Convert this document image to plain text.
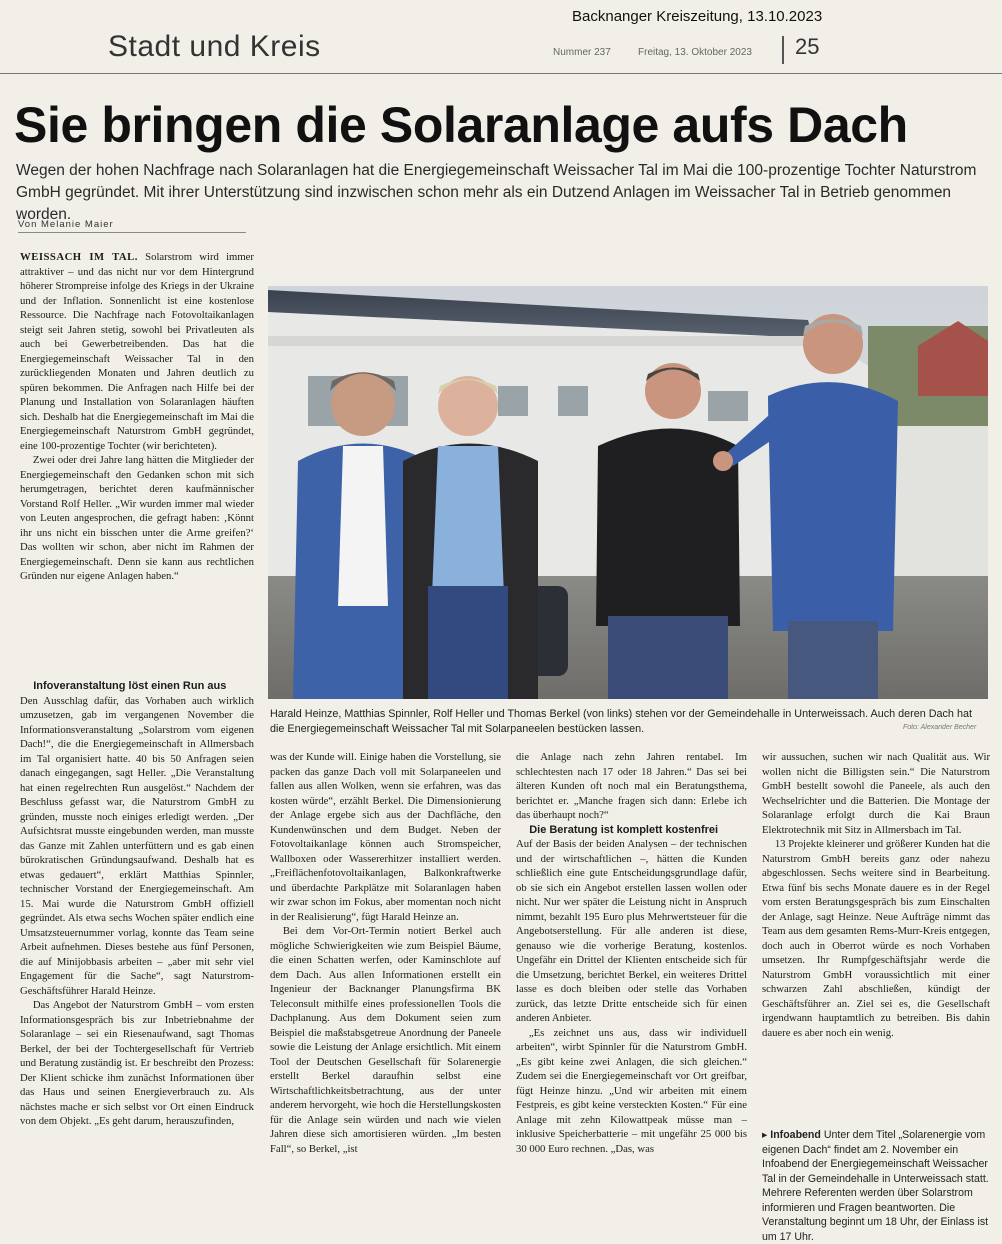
Backnanger Kreiszeitung, 13.10.2023
Stadt und Kreis	Nummer 237	Freitag, 13. Oktober 2023 25
Sie bringen die Solaranlage aufs Dach
Wegen der hohen Nachfrage nach Solaranlagen hat die Energiegemeinschaft Weissacher Tal im Mai die 100-prozentige Tochter Naturstrom GmbH gegründet. Mit ihrer Unterstützung sind inzwischen schon mehr als ein Dutzend Anlagen im Weissacher Tal in Betrieb genommen worden.
Von Melanie Maier

WEISSACH IM TAL. Solarstrom wird immer attraktiver – und das nicht nur vor dem Hintergrund höherer Strompreise infolge des Kriegs in der Ukraine und der Inflation. Sonnenlicht ist eine kostenlose Ressource. Die Nachfrage nach Fotovoltaikanlagen steigt seit Jahren stetig, sowohl bei Privatleuten als auch bei Gewerbetreibenden. Das hat die Energiegemeinschaft Weissacher Tal in den zurückliegenden Monaten und Jahren deutlich zu spüren bekommen. Die Anfragen nach Hilfe bei der Planung und Installation von Solaranlagen häuften sich. Deshalb hat die Energiegemeinschaft im Mai die Energiegemeinschaft Naturstrom GmbH gegründet, eine 100-prozentige Tochter (wir berichteten).

Zwei oder drei Jahre lang hätten die Mitglieder der Energiegemeinschaft den Gedanken schon mit sich herumgetragen, berichtet deren kaufmännischer Vorstand Rolf Heller. „Wir wurden immer mal wieder von Leuten angesprochen, die gefragt haben: ‚Könnt ihr uns nicht ein bisschen unter die Arme greifen?‘ Das wollten wir schon, aber nicht im Rahmen der Energiegemeinschaft. Denn sie kann aus rechtlichen Gründen nur eigene Anlagen haben.“

Harald Heinze, Matthias Spinnler, Rolf Heller und Thomas Berkel (von links) stehen vor der Gemeindehalle in Unterweissach. Auch deren Dach hat die Energiegemeinschaft Weissacher Tal mit Solarpaneelen bestücken lassen.	Foto: Alexander Becher

Infoveranstaltung löst einen Run aus

Den Ausschlag dafür, das Vorhaben auch wirklich umzusetzen, gab im vergangenen November die Informationsveranstaltung „Solarstrom vom eigenen Dach!“, die die Energiegemeinschaft in Allmersbach im Tal organisiert hatte. 40 bis 50 Anfragen seien danach eingegangen, sagt Heller. „Die Veranstaltung hat einen regelrechten Run ausgelöst.“ Nachdem der Beschluss gefasst war, die Naturstrom GmbH zu gründen, musste noch einiges erledigt werden. „Der Aufsichtsrat musste eingebunden werden, man musste das Ganze mit Zahlen unterfüttern und es gab einen bürokratischen Gründungsaufwand. Deshalb hat es etwas gedauert“, erklärt Matthias Spinnler, technischer Vorstand der Energiegemeinschaft. Am 15. Mai wurde die Naturstrom GmbH offiziell gegründet. Als etwa sechs Wochen später endlich eine Umsatzsteuernummer vorlag, konnte das Team seine Arbeit aufnehmen. Dieses bestehe aus fünf Personen, die auf Minijobbasis arbeiten – „aber mit sehr viel Engagement für die Sache“, sagt Naturstrom-Geschäftsführer Harald Heinze.

Das Angebot der Naturstrom GmbH – vom ersten Informationsgespräch bis zur Inbetriebnahme der Solaranlage – sei ein Riesenaufwand, sagt Thomas Berkel, der bei der Tochtergesellschaft für Vertrieb und Beratung zuständig ist. Er beschreibt den Prozess: Der Klient schicke ihm zunächst Informationen über das Haus und seinen Energieverbrauch zu. Als nächstes mache er sich selbst vor Ort einen Eindruck von dem Objekt. „Es geht darum, herauszufinden,

was der Kunde will. Einige haben die Vorstellung, sie packen das ganze Dach voll mit Solarpaneelen und fallen aus allen Wolken, wenn sie erfahren, was das kosten würde“, erzählt Berkel. Die Dimensionierung der Anlage ergebe sich aus der Dachfläche, den Kundenwünschen und dem Budget. Neben der Fotovoltaikanlage können auch Stromspeicher, Wallboxen oder Wassererhitzer installiert werden. „Freiflächenfotovoltaikanlagen, Balkonkraftwerke und überdachte Parkplätze mit Solaranlagen haben wir zwar schon im Fokus, aber momentan noch nicht in der Realisierung“, fügt Harald Heinze an.

Bei dem Vor-Ort-Termin notiert Berkel auch mögliche Schwierigkeiten wie zum Beispiel Bäume, die einen Schatten werfen, oder Kaminschlote auf dem Dach. Aus allen Informationen erstellt ein Ingenieur der Backnanger Planungsfirma BK Teleconsult mithilfe eines professionellen Tools die Dachplanung. Aus dem Dokument seien zum Beispiel die maßstabsgetreue Anordnung der Paneele sowie die Leistung der Anlage ersichtlich. Mit einem Tool der Deutschen Gesellschaft für Solarenergie erstellt Berkel daraufhin selbst eine Wirtschaftlichkeitsbetrachtung, aus der unter anderem hervorgeht, wie hoch die Herstellungskosten für die Anlage sein würden und nach wie vielen Jahren diese sich amortisieren würden. „Im besten Fall“, so Berkel, „ist

die Anlage nach zehn Jahren rentabel. Im schlechtesten nach 17 oder 18 Jahren.“ Das sei bei älteren Kunden oft noch mal ein Beratungsthema, berichtet er. „Manche fragen sich dann: Erlebe ich das überhaupt noch?“

Die Beratung ist komplett kostenfrei

Auf der Basis der beiden Analysen – der technischen und der wirtschaftlichen –, hätten die Kunden schließlich eine gute Entscheidungsgrundlage dafür, ob sie sich ein Angebot erstellen lassen wollen oder nicht. Nur wer später die Leistung nicht in Anspruch nimmt, bezahlt 195 Euro plus Mehrwertsteuer für die Angebotserstellung. Für alle anderen ist diese, genauso wie die vorherige Beratung, kostenlos. Ungefähr ein Drittel der Klienten entscheide sich für die Umsetzung, berichtet Berkel, ein weiteres Drittel lasse es doch bleiben oder stelle das Vorhaben zurück, das letzte Dritte entscheide sich für einen anderen Anbieter.

„Es zeichnet uns aus, dass wir individuell arbeiten“, wirbt Spinnler für die Naturstrom GmbH. „Es gibt keine zwei Anlagen, die sich gleichen.“ Zudem sei die Energiegemeinschaft vor Ort greifbar, fügt Heinze hinzu. „Und wir arbeiten mit einem Festpreis, es gibt keine versteckten Kosten.“ Für eine Anlage mit zehn Kilowattpeak müsse man – inklusive Speicherbatterie – mit ungefähr 25 000 bis 30 000 Euro rechnen. „Das, was

wir aussuchen, suchen wir nach Qualität aus. Wir wollen nicht die Billigsten sein.“ Die Naturstrom GmbH bestellt sowohl die Paneele, als auch den Wechselrichter und die Batterien. Die Montage der Solaranlage erfolgt durch die Kai Braun Elektrotechnik mit Sitz in Allmersbach im Tal.

13 Projekte kleinerer und größerer Kunden hat die Naturstrom GmbH bereits ganz oder nahezu abgeschlossen. Sechs weitere sind in Bearbeitung. Etwa fünf bis sechs Monate dauere es in der Regel vom ersten Beratungsgespräch bis zum Einschalten der Anlage, sagt Heinze. Neue Aufträge nimmt das Team aus dem gesamten Rems-Murr-Kreis entgegen, doch auch in Oberrot würde es noch Vorhaben umsetzen. Ihr Rumpfgeschäftsjahr werde die Naturstrom GmbH voraussichtlich mit einer schwarzen Zahl abschließen, kündigt der Geschäftsführer an. Ziel sei es, die Gesellschaft irgendwann hauptamtlich zu betreiben. Bis dahin dauere es aber noch ein wenig.

▸ Infoabend Unter dem Titel „Solarenergie vom eigenen Dach“ findet am 2. November ein Infoabend der Energiegemeinschaft Weissacher Tal in der Gemeindehalle in Unterweissach statt. Mehrere Referenten werden über Solarstrom informieren und Fragen beantworten. Die Veranstaltung beginnt um 18 Uhr, der Einlass ist um 17 Uhr.
